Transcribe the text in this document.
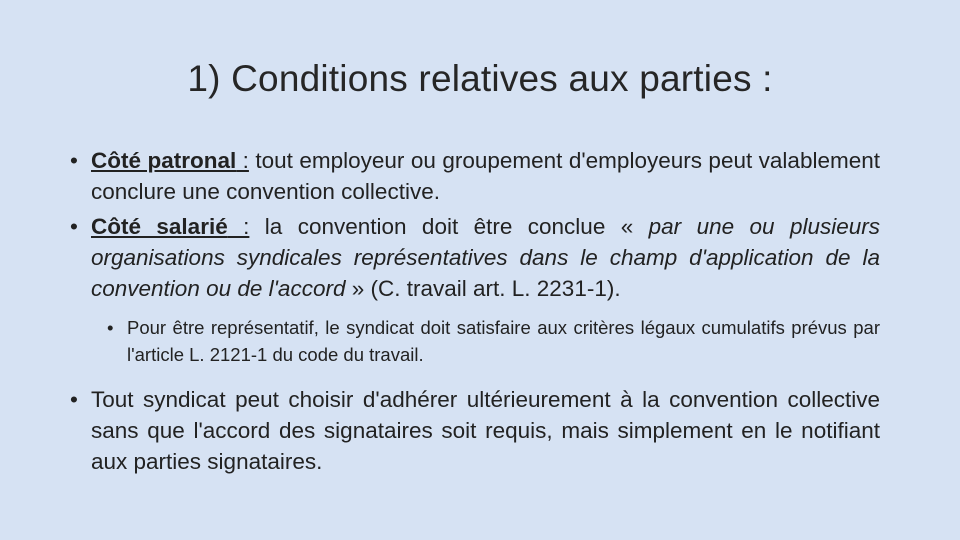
1) Conditions relatives aux parties :

• Côté patronal : tout employeur ou groupement d'employeurs peut valablement conclure une convention collective.

• Côté salarié : la convention doit être conclue « par une ou plusieurs organisations syndicales représentatives dans le champ d'application de la convention ou de l'accord » (C. travail art. L. 2231-1).

• Pour être représentatif, le syndicat doit satisfaire aux critères légaux cumulatifs prévus par l'article L. 2121-1 du code du travail.

• Tout syndicat peut choisir d'adhérer ultérieurement à la convention collective sans que l'accord des signataires soit requis, mais simplement en le notifiant aux parties signataires.
